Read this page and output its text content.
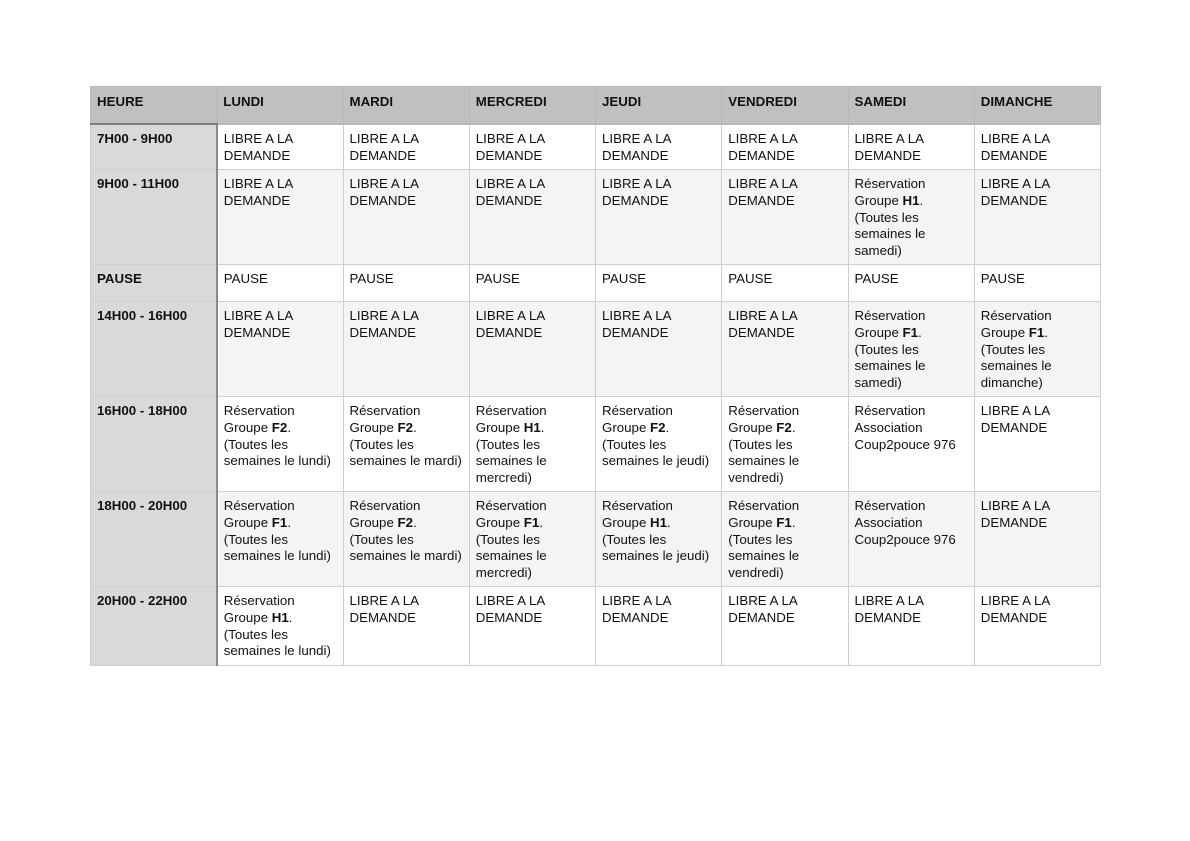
HEURE	LUNDI	MARDI	MERCREDI	JEUDI	VENDREDI	SAMEDI	DIMANCHE
7H00 - 9H00	LIBRE A LA DEMANDE	LIBRE A LA DEMANDE	LIBRE A LA DEMANDE	LIBRE A LA DEMANDE	LIBRE A LA DEMANDE	LIBRE A LA DEMANDE	LIBRE A LA DEMANDE
9H00 - 11H00	LIBRE A LA DEMANDE	LIBRE A LA DEMANDE	LIBRE A LA DEMANDE	LIBRE A LA DEMANDE	LIBRE A LA DEMANDE	Réservation Groupe H1. (Toutes les semaines le samedi)	LIBRE A LA DEMANDE
PAUSE	PAUSE	PAUSE	PAUSE	PAUSE	PAUSE	PAUSE	PAUSE
14H00 - 16H00	LIBRE A LA DEMANDE	LIBRE A LA DEMANDE	LIBRE A LA DEMANDE	LIBRE A LA DEMANDE	LIBRE A LA DEMANDE	Réservation Groupe F1. (Toutes les semaines le samedi)	Réservation Groupe F1. (Toutes les semaines le dimanche)
16H00 - 18H00	Réservation Groupe F2. (Toutes les semaines le lundi)	Réservation Groupe F2. (Toutes les semaines le mardi)	Réservation Groupe H1. (Toutes les semaines le mercredi)	Réservation Groupe F2. (Toutes les semaines le jeudi)	Réservation Groupe F2. (Toutes les semaines le vendredi)	Réservation Association Coup2pouce 976	LIBRE A LA DEMANDE
18H00 - 20H00	Réservation Groupe F1. (Toutes les semaines le lundi)	Réservation Groupe F2. (Toutes les semaines le mardi)	Réservation Groupe F1. (Toutes les semaines le mercredi)	Réservation Groupe H1. (Toutes les semaines le jeudi)	Réservation Groupe F1. (Toutes les semaines le vendredi)	Réservation Association Coup2pouce 976	LIBRE A LA DEMANDE
20H00 - 22H00	Réservation Groupe H1. (Toutes les semaines le lundi)	LIBRE A LA DEMANDE	LIBRE A LA DEMANDE	LIBRE A LA DEMANDE	LIBRE A LA DEMANDE	LIBRE A LA DEMANDE	LIBRE A LA DEMANDE
